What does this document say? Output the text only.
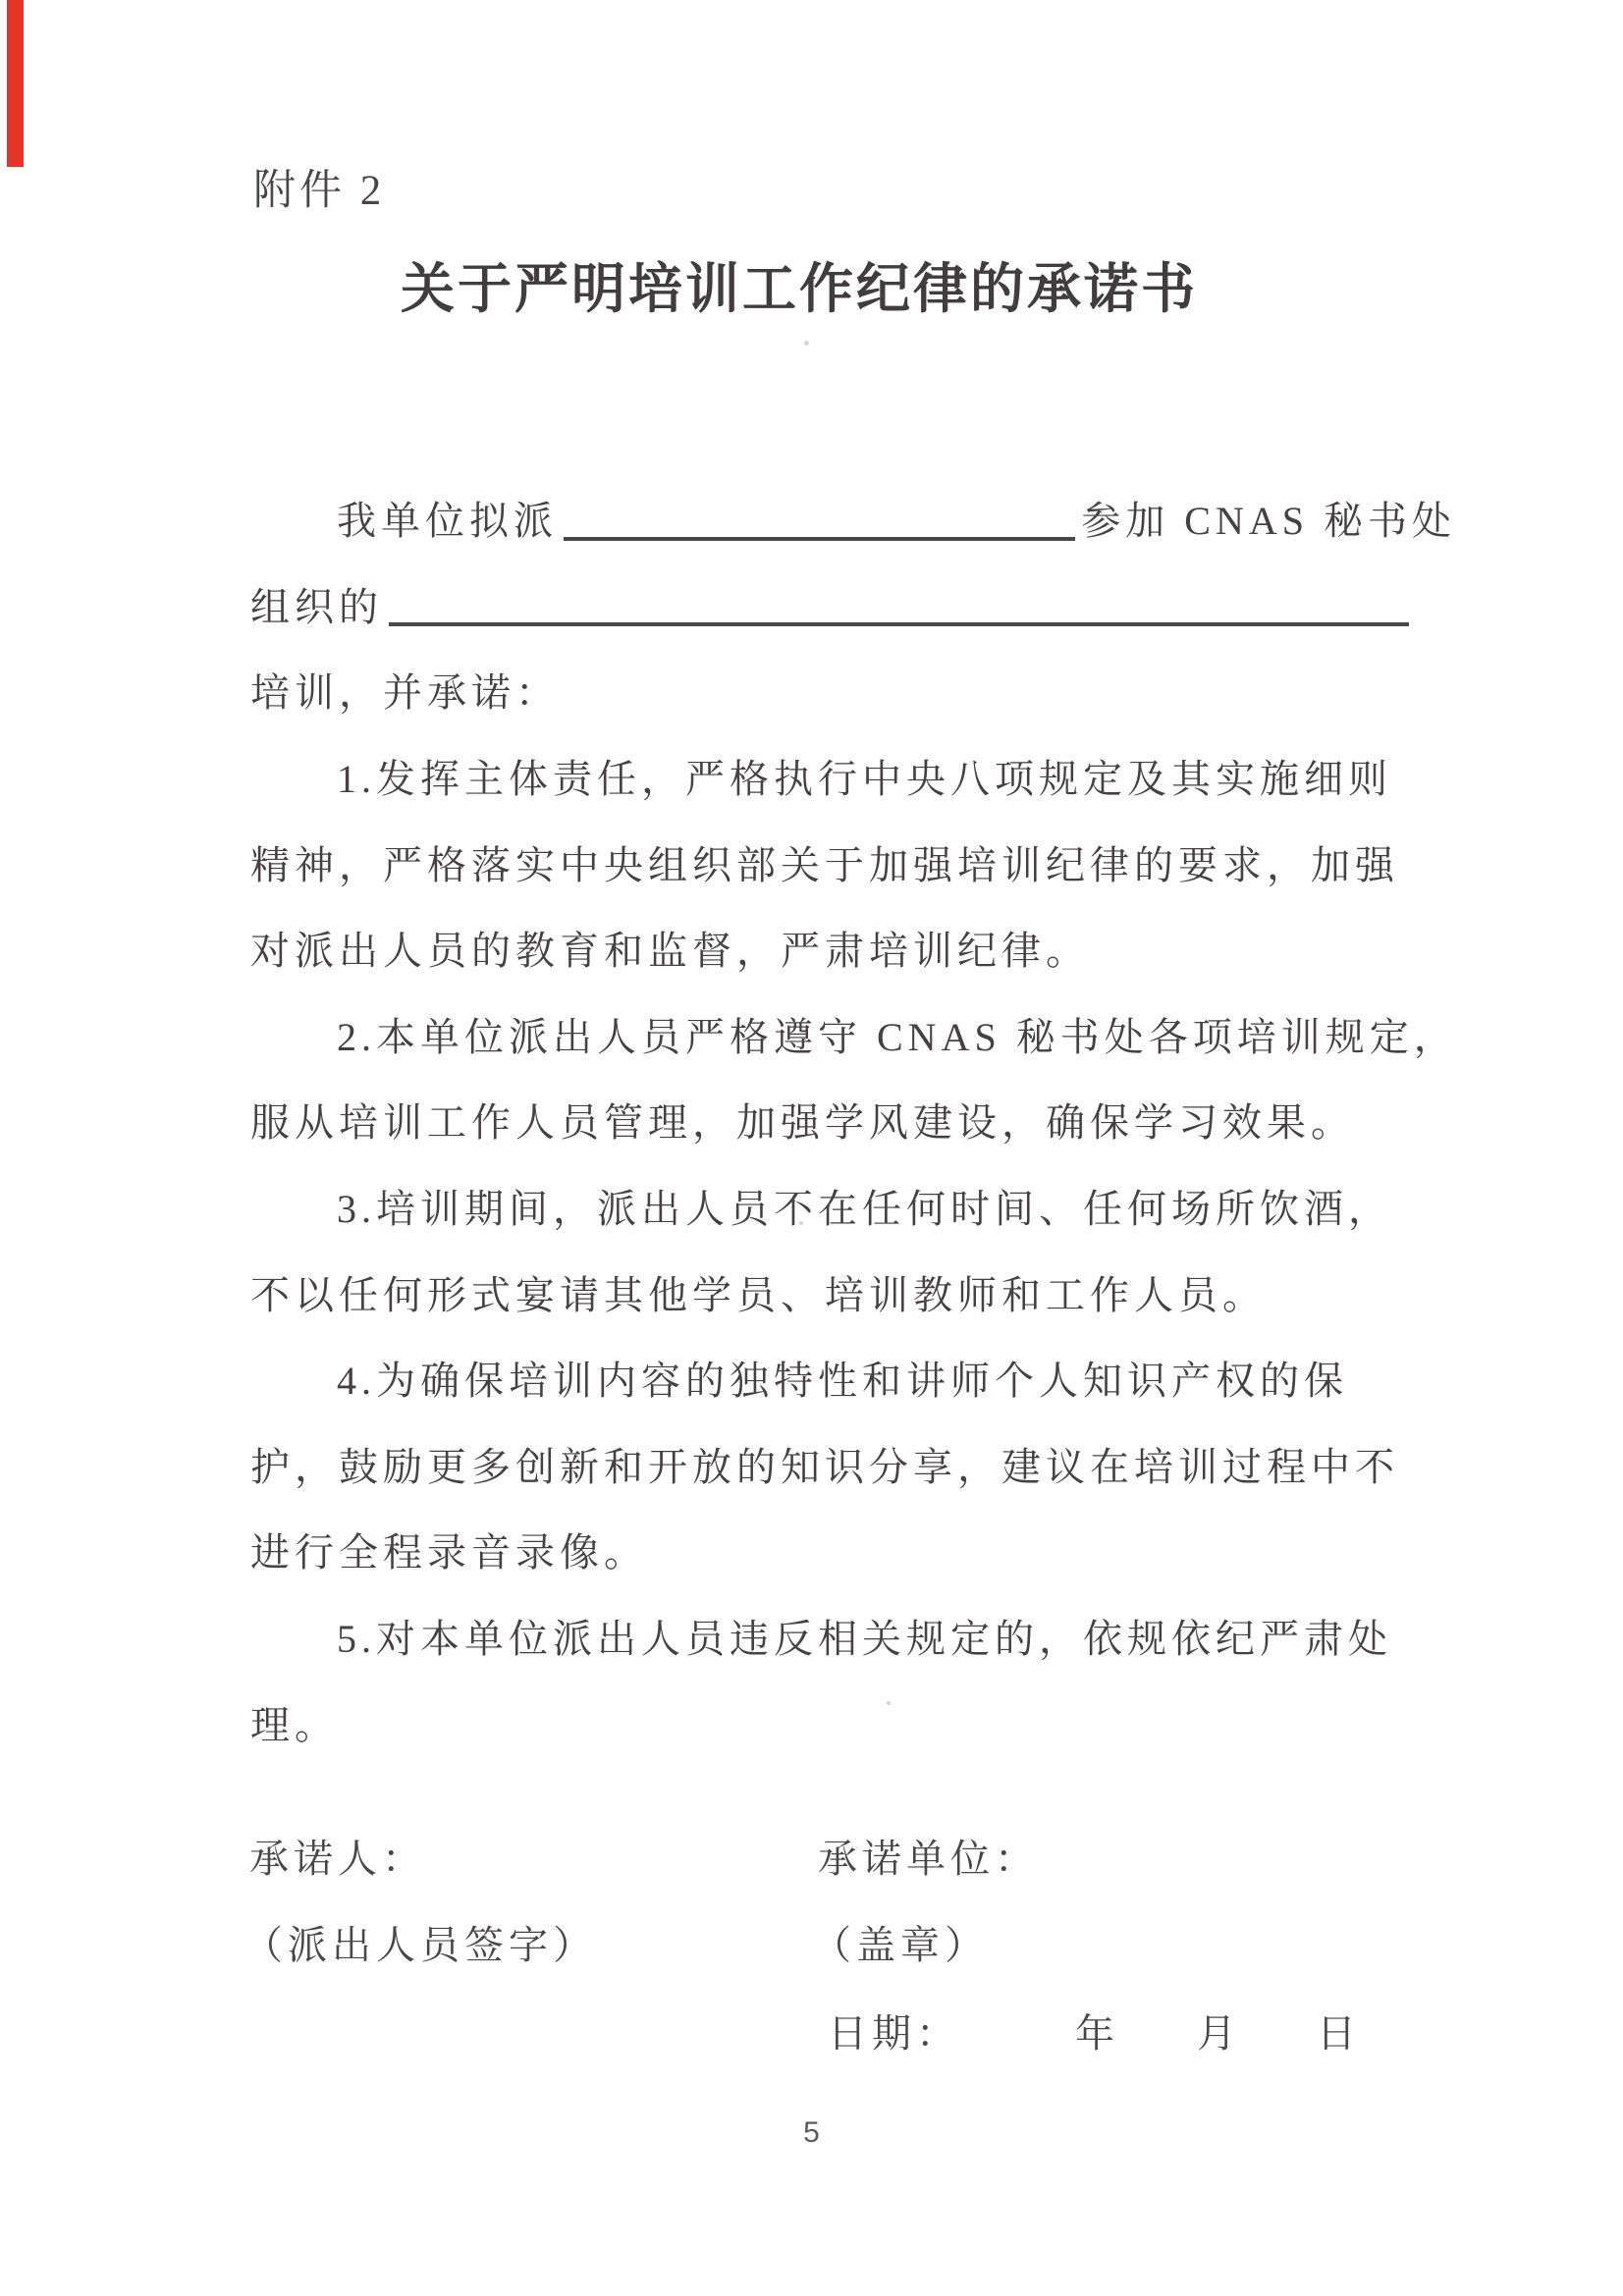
附件 2
关于严明培训工作纪律的承诺书
我单位拟派	参加 CNAS 秘书处
组织的
培训，并承诺：
1.发挥主体责任，严格执行中央八项规定及其实施细则
精神，严格落实中央组织部关于加强培训纪律的要求，加强
对派出人员的教育和监督，严肃培训纪律。
2.本单位派出人员严格遵守 CNAS 秘书处各项培训规定，
服从培训工作人员管理，加强学风建设，确保学习效果。
3.培训期间，派出人员不在任何时间、任何场所饮酒，
不以任何形式宴请其他学员、培训教师和工作人员。
4.为确保培训内容的独特性和讲师个人知识产权的保
护，鼓励更多创新和开放的知识分享，建议在培训过程中不
进行全程录音录像。
5.对本单位派出人员违反相关规定的，依规依纪严肃处
理。
承诺人：	承诺单位：
（派出人员签字）	（盖章）
日期：	年 月 日
5
